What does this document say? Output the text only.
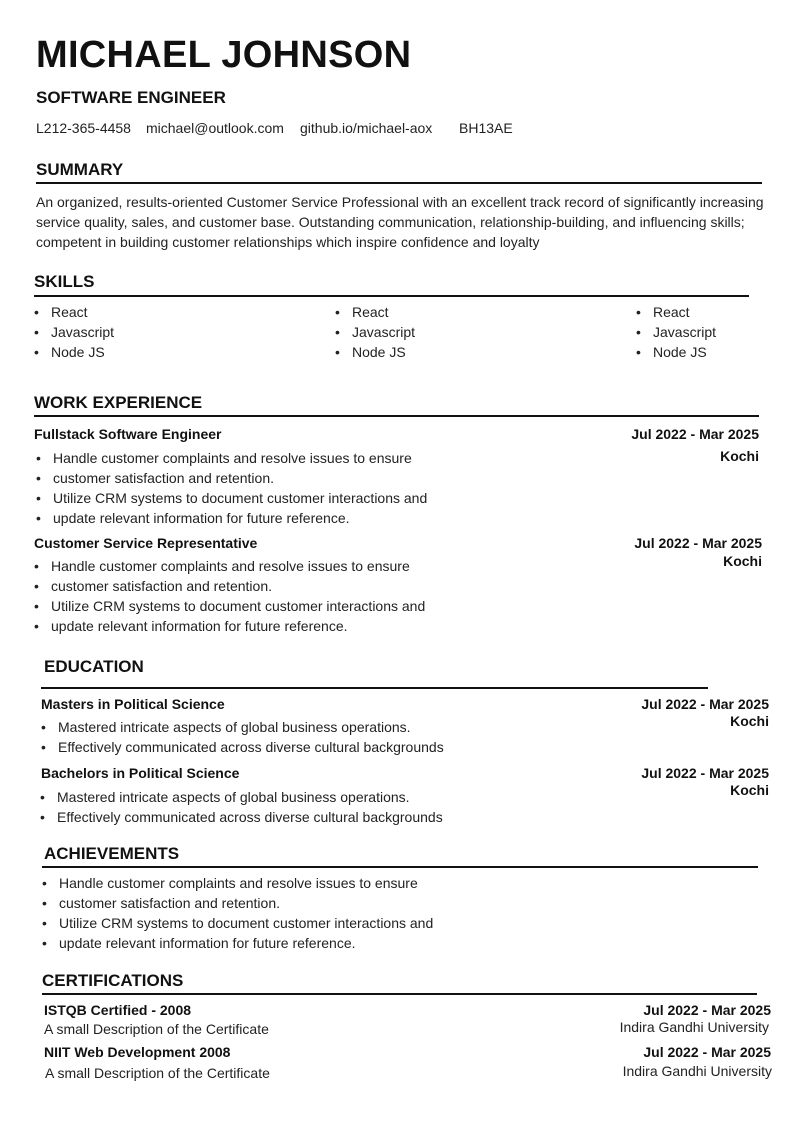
MICHAEL JOHNSON
SOFTWARE ENGINEER
L212-365-4458 michael@outlook.com github.io/michael-aox BH13AE
SUMMARY
An organized, results-oriented Customer Service Professional with an excellent track record of significantly increasing service quality, sales, and customer base. Outstanding communication, relationship-building, and influencing skills; competent in building customer relationships which inspire confidence and loyalty
SKILLS
• React
• Javascript
• Node JS
• React
• Javascript
• Node JS
• React
• Javascript
• Node JS
WORK EXPERIENCE
Fullstack Software Engineer	Jul 2022 - Mar 2025
Kochi
• Handle customer complaints and resolve issues to ensure
• customer satisfaction and retention.
• Utilize CRM systems to document customer interactions and
• update relevant information for future reference.
Customer Service Representative	Jul 2022 - Mar 2025
Kochi
• Handle customer complaints and resolve issues to ensure
• customer satisfaction and retention.
• Utilize CRM systems to document customer interactions and
• update relevant information for future reference.
EDUCATION
Masters in Political Science	Jul 2022 - Mar 2025
Kochi
• Mastered intricate aspects of global business operations.
• Effectively communicated across diverse cultural backgrounds
Bachelors in Political Science	Jul 2022 - Mar 2025
Kochi
• Mastered intricate aspects of global business operations.
• Effectively communicated across diverse cultural backgrounds
ACHIEVEMENTS
• Handle customer complaints and resolve issues to ensure
• customer satisfaction and retention.
• Utilize CRM systems to document customer interactions and
• update relevant information for future reference.
CERTIFICATIONS
ISTQB Certified - 2008	Jul 2022 - Mar 2025
A small Description of the Certificate	Indira Gandhi University
NIIT Web Development 2008	Jul 2022 - Mar 2025
A small Description of the Certificate	Indira Gandhi University
